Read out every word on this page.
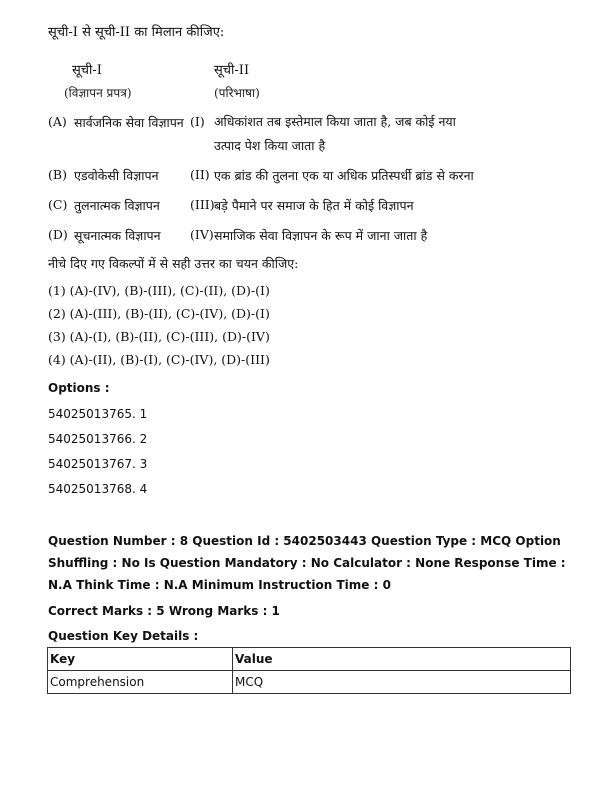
सूची-I से सूची-II का मिलान कीजिए:
सूची-I
(विज्ञापन प्रपत्र)
सूची-II
(परिभाषा)
(A) सार्वजनिक सेवा विज्ञापन (I) अधिकांशत तब इस्तेमाल किया जाता है, जब कोई नया उत्पाद पेश किया जाता है
(B) एडवोकेसी विज्ञापन	(II) एक ब्रांड की तुलना एक या अधिक प्रतिस्पर्धी ब्रांड से करना
(C) तुलनात्मक विज्ञापन (III) बड़े पैमाने पर समाज के हित में कोई विज्ञापन
(D) सूचनात्मक विज्ञापन (IV) समाजिक सेवा विज्ञापन के रूप में जाना जाता है
नीचे दिए गए विकल्पों में से सही उत्तर का चयन कीजिए:
(1) (A)-(IV), (B)-(III), (C)-(II), (D)-(I)
(2) (A)-(III), (B)-(II), (C)-(IV), (D)-(I)
(3) (A)-(I), (B)-(II), (C)-(III), (D)-(IV)
(4) (A)-(II), (B)-(I), (C)-(IV), (D)-(III)
Options :
54025013765. 1
54025013766. 2
54025013767. 3
54025013768. 4
Question Number : 8 Question Id : 5402503443 Question Type : MCQ Option Shuffling : No Is Question Mandatory : No Calculator : None Response Time : N.A Think Time : N.A Minimum Instruction Time : 0
Correct Marks : 5 Wrong Marks : 1
Question Key Details :
Key	Value
Comprehension	MCQ
